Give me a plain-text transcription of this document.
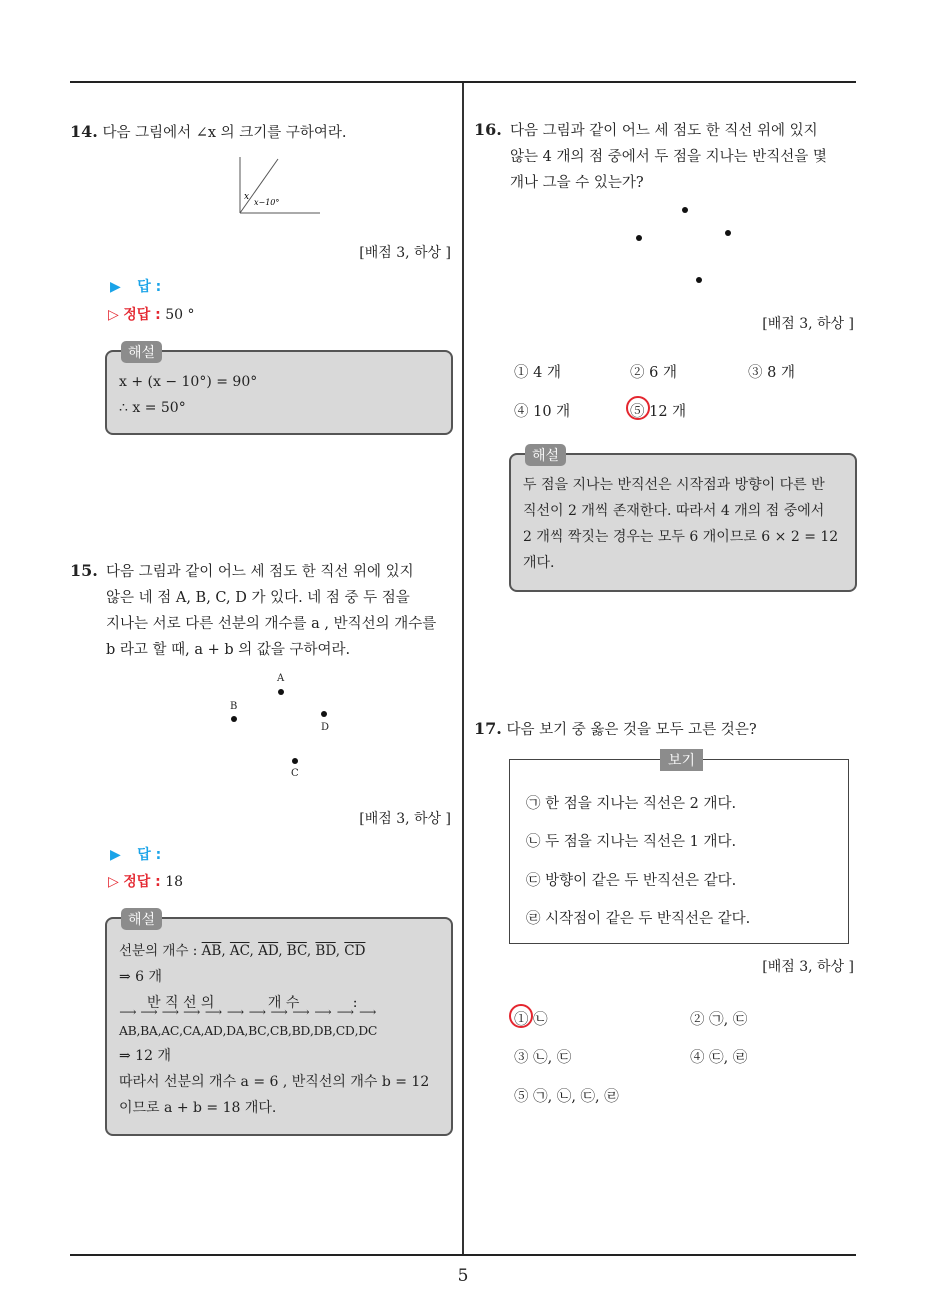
5
14. 다음 그림에서 ∠x 의 크기를 구하여라.
x
x−10°
[배점 3, 하상 ]
▶ 답 :
▷ 정답 : 50 °
해설
x + (x − 10°) = 90°
∴ x = 50°
15. 다음 그림과 같이 어느 세 점도 한 직선 위에 있지
않은 네 점 A, B, C, D 가 있다. 네 점 중 두 점을
지나는 서로 다른 선분의 개수를 a , 반직선의 개수를
b 라고 할 때, a + b 의 값을 구하여라.
A
B
D
C
[배점 3, 하상 ]
▶ 답 :
▷ 정답 : 18
해설
선분의 개수 : $\overline{AB}$, $\overline{AC}$, $\overline{AD}$, $\overline{BC}$, $\overline{BD}$, $\overline{CD}$
⇒ 6 개
반 직 선 의            개 수            :
⟶ AB,⟶ BA,⟶ AC,⟶ CA,⟶ AD,⟶ DA,⟶ BC,⟶ CB,⟶ BD,⟶ DB,⟶ CD,⟶ DC
⇒ 12 개
따라서 선분의 개수 a = 6 , 반직선의 개수 b = 12
이므로 a + b = 18 개다.
16. 다음 그림과 같이 어느 세 점도 한 직선 위에 있지
않는 4 개의 점 중에서 두 점을 지나는 반직선을 몇
개나 그을 수 있는가?
[배점 3, 하상 ]
① 4 개	② 6 개	③ 8 개
④ 10 개	⑤ 12 개
해설
두 점을 지나는 반직선은 시작점과 방향이 다른 반
직선이 2 개씩 존재한다. 따라서 4 개의 점 중에서
2 개씩 짝짓는 경우는 모두 6 개이므로 6 × 2 = 12
개다.
17. 다음 보기 중 옳은 것을 모두 고른 것은?
보기
㉠ 한 점을 지나는 직선은 2 개다.
㉡ 두 점을 지나는 직선은 1 개다.
㉢ 방향이 같은 두 반직선은 같다.
㉣ 시작점이 같은 두 반직선은 같다.
[배점 3, 하상 ]
① ㉡	② ㉠, ㉢
③ ㉡, ㉢	④ ㉢, ㉣
⑤ ㉠, ㉡, ㉢, ㉣
